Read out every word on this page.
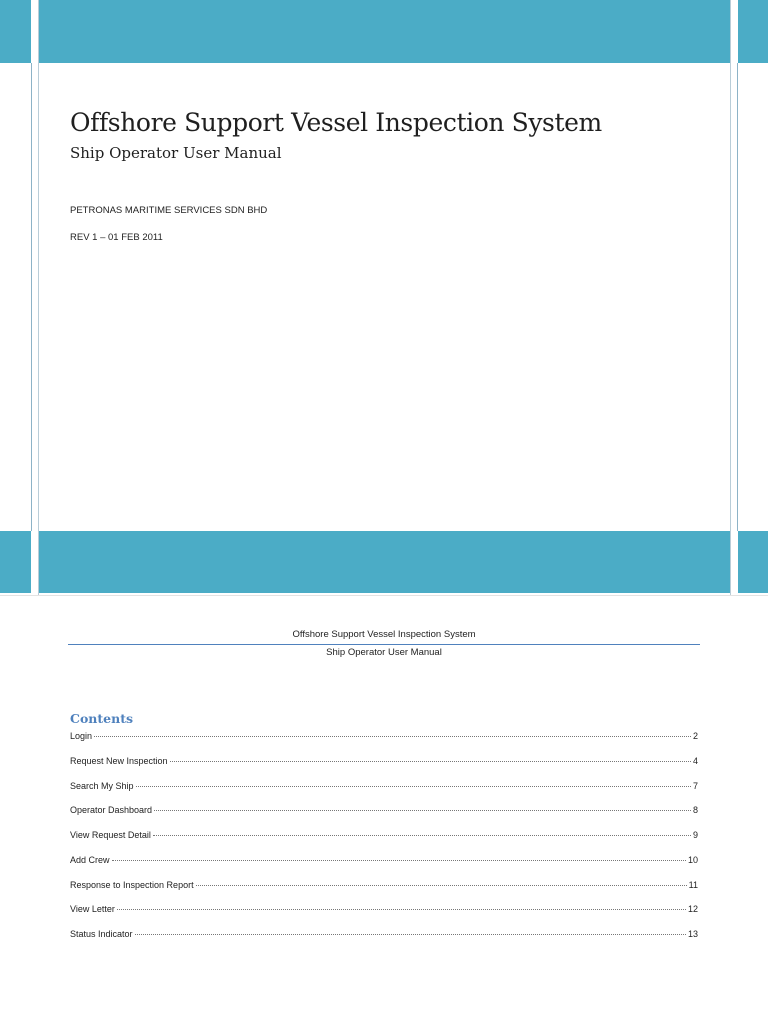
Offshore Support Vessel Inspection System
Ship Operator User Manual
PETRONAS MARITIME SERVICES SDN BHD
REV 1 – 01 FEB 2011
Offshore Support Vessel Inspection System
Ship Operator User Manual
Contents
Login	2
Request New Inspection	4
Search My Ship	7
Operator Dashboard	8
View Request Detail	9
Add Crew	10
Response to Inspection Report	11
View Letter	12
Status Indicator	13
